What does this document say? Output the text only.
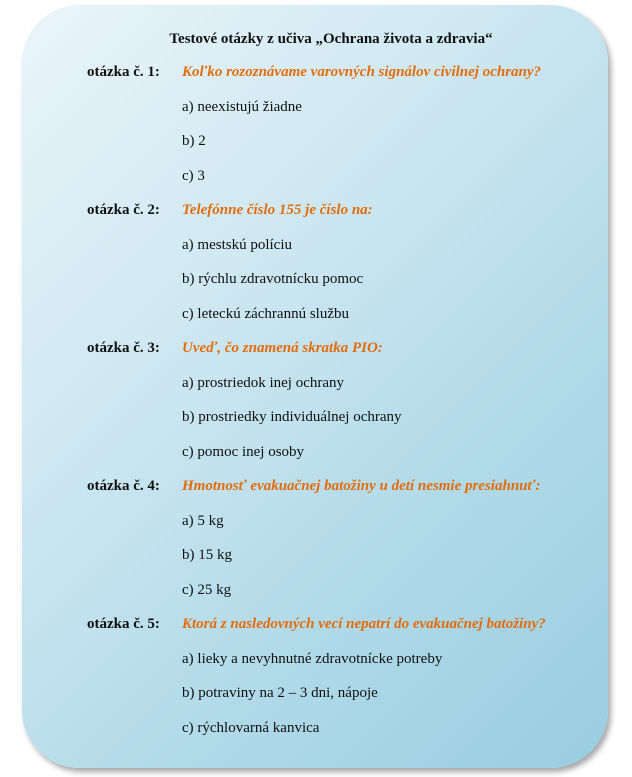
Testové otázky z učiva „Ochrana života a zdravia“
otázka č. 1: Koľko rozoznávame varovných signálov civilnej ochrany?
a) neexistujú žiadne
b) 2
c) 3
otázka č. 2: Telefónne číslo 155 je číslo na:
a) mestskú políciu
b) rýchlu zdravotnícku pomoc
c) leteckú záchrannú službu
otázka č. 3: Uveď, čo znamená skratka PIO:
a) prostriedok inej ochrany
b) prostriedky individuálnej ochrany
c) pomoc inej osoby
otázka č. 4: Hmotnosť evakuačnej batožiny u detí nesmie presiahnuť:
a) 5 kg
b) 15 kg
c) 25 kg
otázka č. 5: Ktorá z nasledovných vecí nepatrí do evakuačnej batožiny?
a) lieky a nevyhnutné zdravotnícke potreby
b) potraviny na 2 – 3 dni, nápoje
c) rýchlovarná kanvica
